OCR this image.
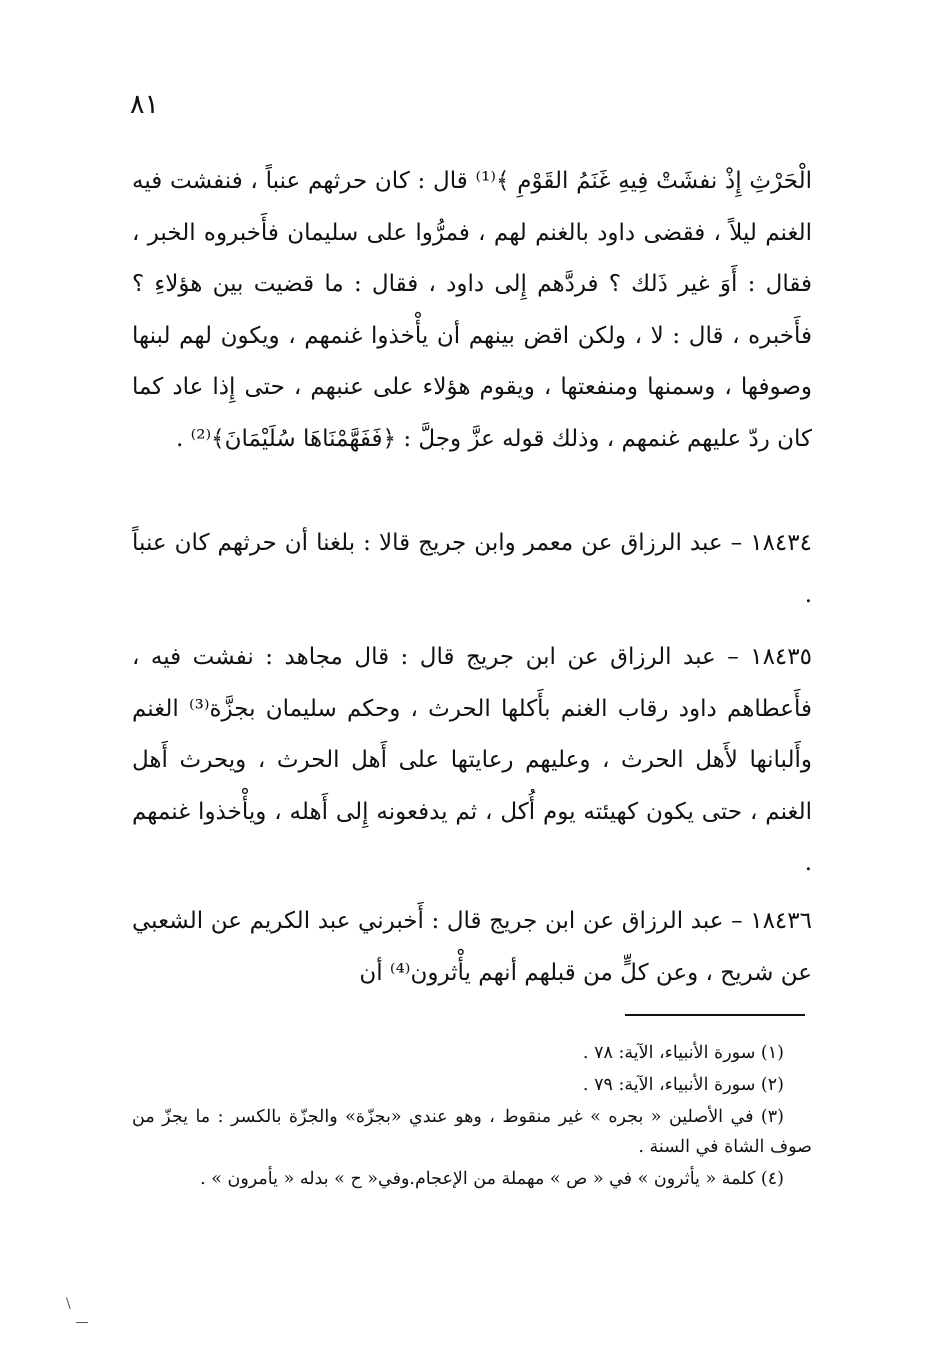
٨١

الْحَرْثِ إِذْ نفشَتْ فِيهِ غَنَمُ القَوْمِ ﴾⁽¹⁾ قال : كان حرثهم عنباً ، فنفشت فيه الغنم ليلاً ، فقضى داود بالغنم لهم ، فمرُّوا على سليمان فأَخبروه الخبر ، فقال : أَوَ غير ذَلك ؟ فردَّهم إِلى داود ، فقال : ما قضيت بين هؤلاءِ ؟ فأَخبره ، قال : لا ، ولكن اقض بينهم أن يأْخذوا غنمهم ، ويكون لهم لبنها وصوفها ، وسمنها ومنفعتها ، ويقوم هؤلاء على عنبهم ، حتى إِذا عاد كما كان ردّ عليهم غنمهم ، وذلك قوله عزَّ وجلَّ : ﴿فَفَهَّمْنَاهَا سُلَيْمَانَ﴾⁽²⁾ .

١٨٤٣٤ – عبد الرزاق عن معمر وابن جريج قالا : بلغنا أن حرثهم كان عنباً .

١٨٤٣٥ – عبد الرزاق عن ابن جريج قال : قال مجاهد : نفشت فيه ، فأَعطاهم داود رقاب الغنم بأَكلها الحرث ، وحكم سليمان بجزَّة⁽³⁾ الغنم وأَلبانها لأَهل الحرث ، وعليهم رعايتها على أَهل الحرث ، ويحرث أَهل الغنم ، حتى يكون كهيئته يوم أُكل ، ثم يدفعونه إِلى أَهله ، ويأْخذوا غنمهم .

١٨٤٣٦ – عبد الرزاق عن ابن جريج قال : أَخبرني عبد الكريم عن الشعبي عن شريح ، وعن كلٍّ من قبلهم أنهم يأْثرون⁽⁴⁾ أن

(١) سورة الأنبياء، الآية: ٧٨ .

(٢) سورة الأنبياء، الآية: ٧٩ .

(٣) في الأصلين « بجره » غير منقوط ، وهو عندي «بجزّة» والجزّة بالكسر : ما يجزّ من صوف الشاة في السنة .

(٤) كلمة « يأثرون » في « ص » مهملة من الإعجام.وفي« ح » بدله « يأمرون » .

\
